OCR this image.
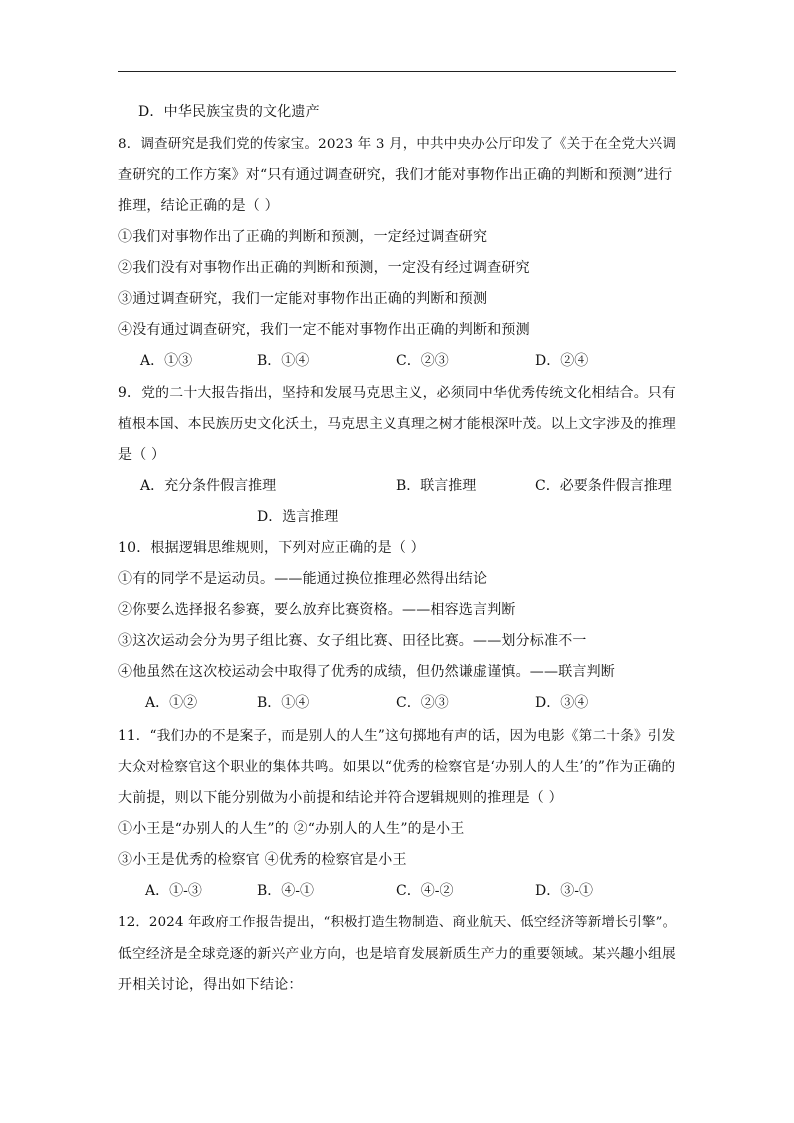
D．中华民族宝贵的文化遗产
8．调查研究是我们党的传家宝。2023 年 3 月，中共中央办公厅印发了《关于在全党大兴调
查研究的工作方案》对“只有通过调查研究，我们才能对事物作出正确的判断和预测”进行
推理，结论正确的是（ ）
①我们对事物作出了正确的判断和预测，一定经过调查研究
②我们没有对事物作出正确的判断和预测，一定没有经过调查研究
③通过调查研究，我们一定能对事物作出正确的判断和预测
④没有通过调查研究，我们一定不能对事物作出正确的判断和预测
A．①③	B．①④	C．②③	D．②④
9．党的二十大报告指出，坚持和发展马克思主义，必须同中华优秀传统文化相结合。只有
植根本国、本民族历史文化沃土，马克思主义真理之树才能根深叶茂。以上文字涉及的推理
是（ ）
A．充分条件假言推理	B．联言推理	C．必要条件假言推理
D．选言推理
10．根据逻辑思维规则，下列对应正确的是（ ）
①有的同学不是运动员。——能通过换位推理必然得出结论
②你要么选择报名参赛，要么放弃比赛资格。——相容选言判断
③这次运动会分为男子组比赛、女子组比赛、田径比赛。——划分标准不一
④他虽然在这次校运动会中取得了优秀的成绩，但仍然谦虚谨慎。——联言判断
A．①②	B．①④	C．②③	D．③④
11．“我们办的不是案子，而是别人的人生”这句掷地有声的话，因为电影《第二十条》引发
大众对检察官这个职业的集体共鸣。如果以“优秀的检察官是‘办别人的人生’的”作为正确的
大前提，则以下能分别做为小前提和结论并符合逻辑规则的推理是（ ）
①小王是“办别人的人生”的 ②“办别人的人生”的是小王
③小王是优秀的检察官 ④优秀的检察官是小王
A．①-③	B．④-①	C．④-②	D．③-①
12．2024 年政府工作报告提出，“积极打造生物制造、商业航天、低空经济等新增长引擎”。
低空经济是全球竞逐的新兴产业方向，也是培育发展新质生产力的重要领域。某兴趣小组展
开相关讨论，得出如下结论：
